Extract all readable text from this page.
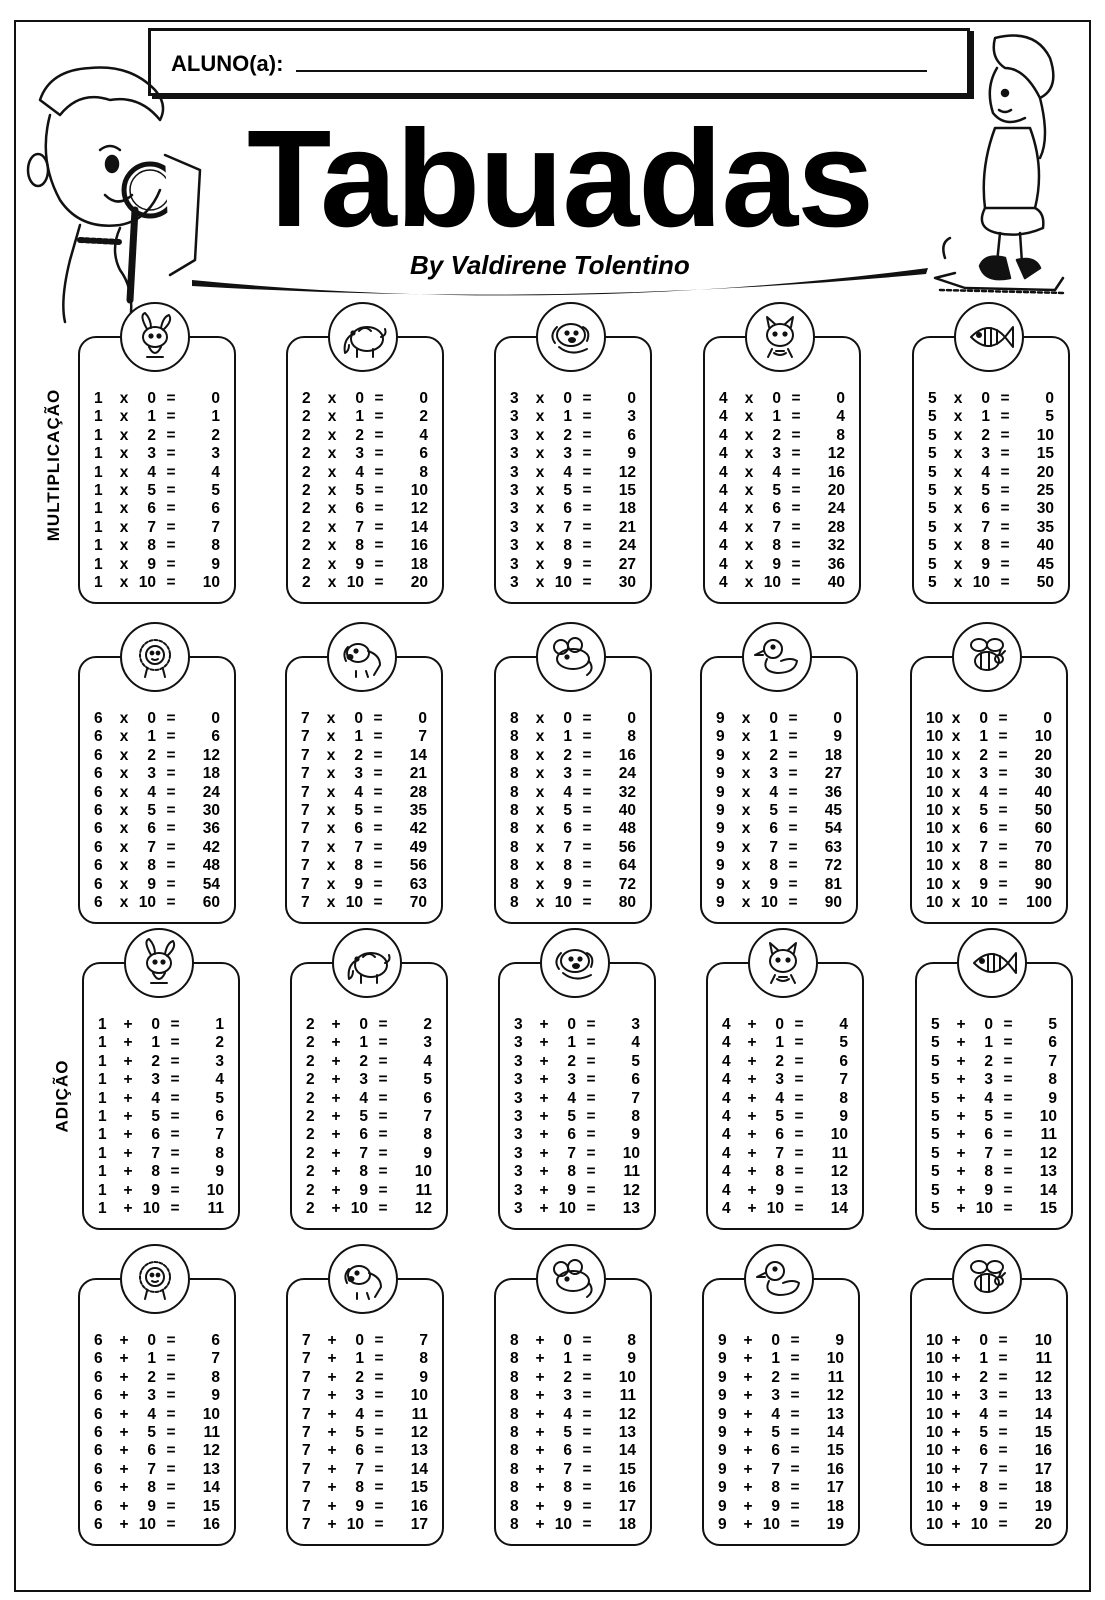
ALUNO(a):
Tabuadas
By Valdirene Tolentino
MULTIPLICAÇÃO
ADIÇÃO
1	x	0 =	0
1	x	1 =	1
1	x	2 =	2
1	x	3 =	3
1	x	4 =	4
1	x	5 =	5
1	x	6 =	6
1	x	7 =	7
1	x	8 =	8
1	x	9 =	9
1	x 10 =	10
2	x	0 =	0
2	x	1 =	2
2	x	2 =	4
2	x	3 =	6
2	x	4 =	8
2	x	5 =	10
2	x	6 =	12
2	x	7 =	14
2	x	8 =	16
2	x	9 =	18
2	x 10 =	20
3	x	0 =	0
3	x	1 =	3
3	x	2 =	6
3	x	3 =	9
3	x	4 =	12
3	x	5 =	15
3	x	6 =	18
3	x	7 =	21
3	x	8 =	24
3	x	9 =	27
3	x 10 =	30
4	x	0 =	0
4	x	1 =	4
4	x	2 =	8
4	x	3 =	12
4	x	4 =	16
4	x	5 =	20
4	x	6 =	24
4	x	7 =	28
4	x	8 =	32
4	x	9 =	36
4	x 10 =	40
5	x	0 =	0
5	x	1 =	5
5	x	2 =	10
5	x	3 =	15
5	x	4 =	20
5	x	5 =	25
5	x	6 =	30
5	x	7 =	35
5	x	8 =	40
5	x	9 =	45
5	x 10 =	50
6	x	0 =	0
6	x	1 =	6
6	x	2 =	12
6	x	3 =	18
6	x	4 =	24
6	x	5 =	30
6	x	6 =	36
6	x	7 =	42
6	x	8 =	48
6	x	9 =	54
6	x 10 =	60
7	x	0 =	0
7	x	1 =	7
7	x	2 =	14
7	x	3 =	21
7	x	4 =	28
7	x	5 =	35
7	x	6 =	42
7	x	7 =	49
7	x	8 =	56
7	x	9 =	63
7	x 10 =	70
8	x	0 =	0
8	x	1 =	8
8	x	2 =	16
8	x	3 =	24
8	x	4 =	32
8	x	5 =	40
8	x	6 =	48
8	x	7 =	56
8	x	8 =	64
8	x	9 =	72
8	x 10 =	80
9	x	0 =	0
9	x	1 =	9
9	x	2 =	18
9	x	3 =	27
9	x	4 =	36
9	x	5 =	45
9	x	6 =	54
9	x	7 =	63
9	x	8 =	72
9	x	9 =	81
9	x 10 =	90
10 x	0 =	0
10 x	1 =	10
10 x	2 =	20
10 x	3 =	30
10 x	4 =	40
10 x	5 =	50
10 x	6 =	60
10 x	7 =	70
10 x	8 =	80
10 x	9 =	90
10 x 10 =	100
1	+	0 =	1
1	+	1 =	2
1	+	2 =	3
1	+	3 =	4
1	+	4 =	5
1	+	5 =	6
1	+	6 =	7
1	+	7 =	8
1	+	8 =	9
1	+	9 =	10
1	+ 10 =	11
2	+	0 =	2
2	+	1 =	3
2	+	2 =	4
2	+	3 =	5
2	+	4 =	6
2	+	5 =	7
2	+	6 =	8
2	+	7 =	9
2	+	8 =	10
2	+	9 =	11
2	+ 10 =	12
3	+	0 =	3
3	+	1 =	4
3	+	2 =	5
3	+	3 =	6
3	+	4 =	7
3	+	5 =	8
3	+	6 =	9
3	+	7 =	10
3	+	8 =	11
3	+	9 =	12
3	+ 10 =	13
4	+	0 =	4
4	+	1 =	5
4	+	2 =	6
4	+	3 =	7
4	+	4 =	8
4	+	5 =	9
4	+	6 =	10
4	+	7 =	11
4	+	8 =	12
4	+	9 =	13
4	+ 10 =	14
5	+	0 =	5
5	+	1 =	6
5	+	2 =	7
5	+	3 =	8
5	+	4 =	9
5	+	5 =	10
5	+	6 =	11
5	+	7 =	12
5	+	8 =	13
5	+	9 =	14
5	+ 10 =	15
6	+	0 =	6
6	+	1 =	7
6	+	2 =	8
6	+	3 =	9
6	+	4 =	10
6	+	5 =	11
6	+	6 =	12
6	+	7 =	13
6	+	8 =	14
6	+	9 =	15
6	+ 10 =	16
7	+	0 =	7
7	+	1 =	8
7	+	2 =	9
7	+	3 =	10
7	+	4 =	11
7	+	5 =	12
7	+	6 =	13
7	+	7 =	14
7	+	8 =	15
7	+	9 =	16
7	+ 10 =	17
8	+	0 =	8
8	+	1 =	9
8	+	2 =	10
8	+	3 =	11
8	+	4 =	12
8	+	5 =	13
8	+	6 =	14
8	+	7 =	15
8	+	8 =	16
8	+	9 =	17
8	+ 10 =	18
9	+	0 =	9
9	+	1 =	10
9	+	2 =	11
9	+	3 =	12
9	+	4 =	13
9	+	5 =	14
9	+	6 =	15
9	+	7 =	16
9	+	8 =	17
9	+	9 =	18
9	+ 10 =	19
10 +	0 =	10
10 +	1 =	11
10 +	2 =	12
10 +	3 =	13
10 +	4 =	14
10 +	5 =	15
10 +	6 =	16
10 +	7 =	17
10 +	8 =	18
10 +	9 =	19
10 + 10 =	20
